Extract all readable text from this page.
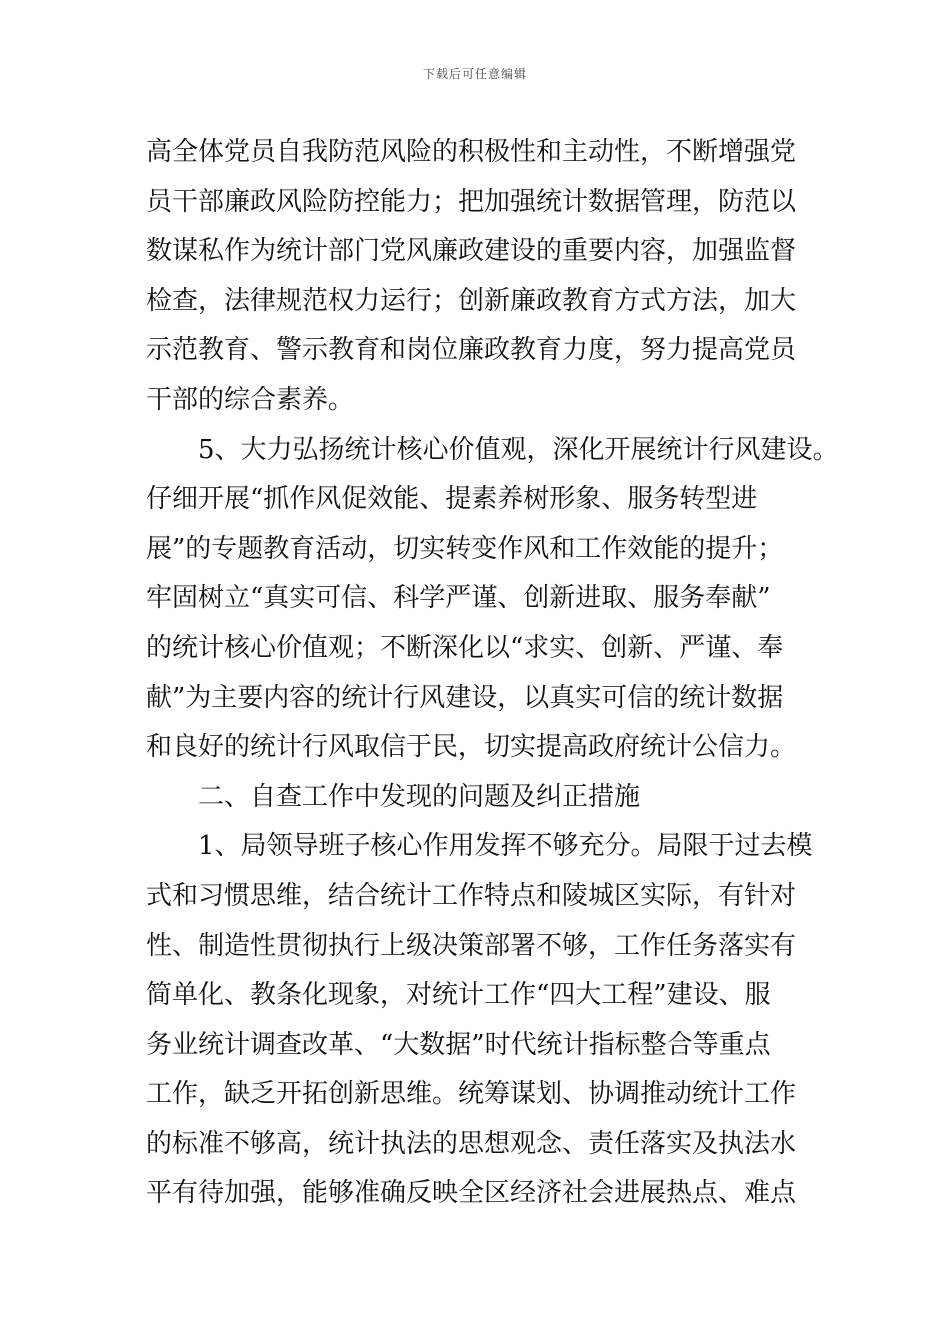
下载后可任意编辑
高全体党员自我防范风险的积极性和主动性，不断增强党
员干部廉政风险防控能力；把加强统计数据管理，防范以
数谋私作为统计部门党风廉政建设的重要内容，加强监督
检查，法律规范权力运行；创新廉政教育方式方法，加大
示范教育、警示教育和岗位廉政教育力度，努力提高党员
干部的综合素养。
5、大力弘扬统计核心价值观，深化开展统计行风建设。
仔细开展“抓作风促效能、提素养树形象、服务转型进
展”的专题教育活动，切实转变作风和工作效能的提升；
牢固树立“真实可信、科学严谨、创新进取、服务奉献”
的统计核心价值观；不断深化以“求实、创新、严谨、奉
献”为主要内容的统计行风建设，以真实可信的统计数据
和良好的统计行风取信于民，切实提高政府统计公信力。
二、自查工作中发现的问题及纠正措施
1、局领导班子核心作用发挥不够充分。局限于过去模
式和习惯思维，结合统计工作特点和陵城区实际，有针对
性、制造性贯彻执行上级决策部署不够，工作任务落实有
简单化、教条化现象，对统计工作“四大工程”建设、服
务业统计调查改革、“大数据”时代统计指标整合等重点
工作，缺乏开拓创新思维。统筹谋划、协调推动统计工作
的标准不够高，统计执法的思想观念、责任落实及执法水
平有待加强，能够准确反映全区经济社会进展热点、难点
